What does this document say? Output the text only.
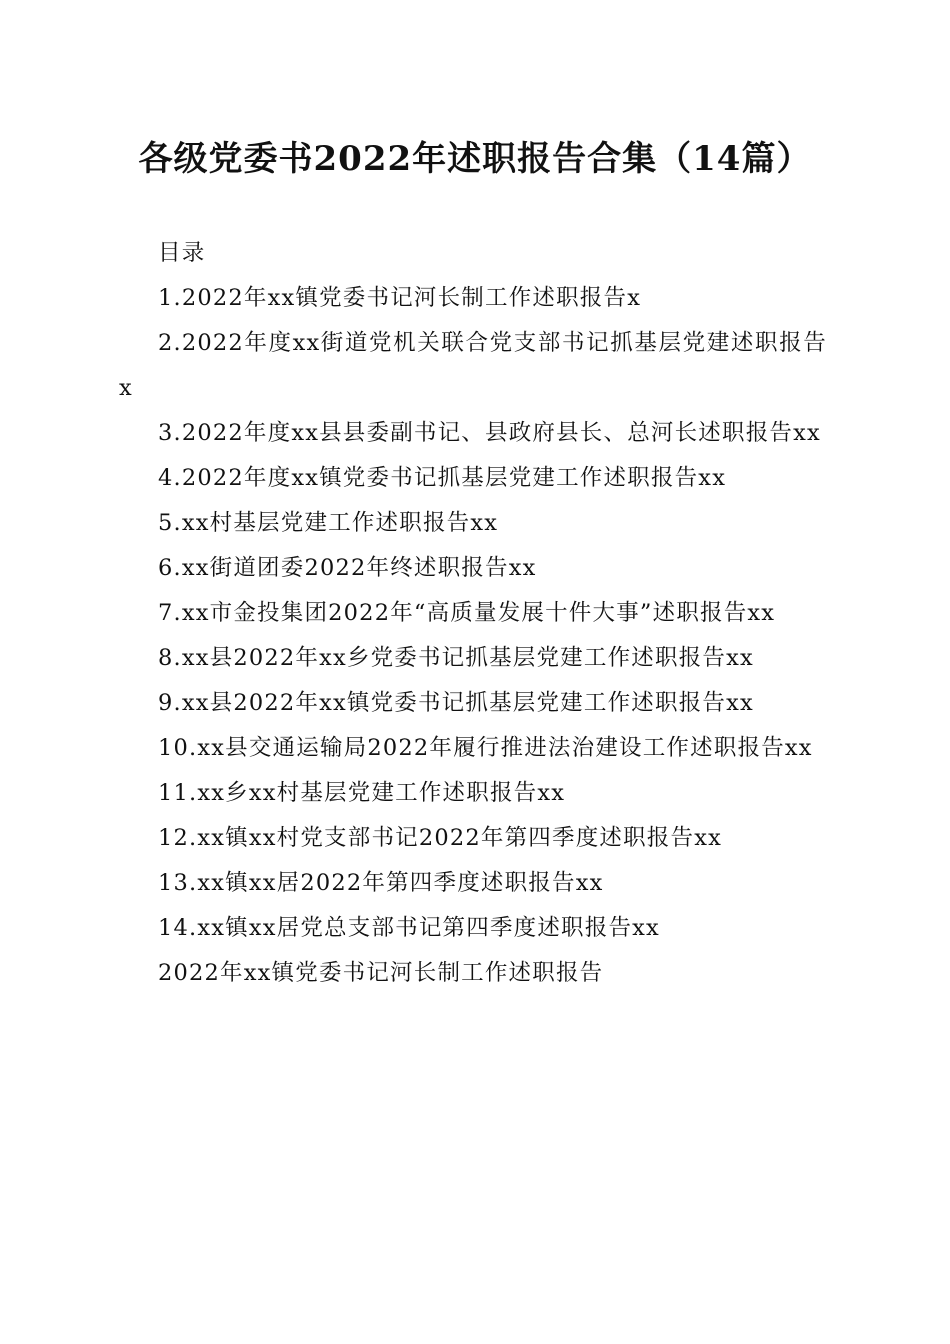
各级党委书2022年述职报告合集（14篇）

目录

1.2022年xx镇党委书记河长制工作述职报告x

2.2022年度xx街道党机关联合党支部书记抓基层党建述职报告x

3.2022年度xx县县委副书记、县政府县长、总河长述职报告xx

4.2022年度xx镇党委书记抓基层党建工作述职报告xx

5.xx村基层党建工作述职报告xx

6.xx街道团委2022年终述职报告xx

7.xx市金投集团2022年“高质量发展十件大事”述职报告xx

8.xx县2022年xx乡党委书记抓基层党建工作述职报告xx

9.xx县2022年xx镇党委书记抓基层党建工作述职报告xx

10.xx县交通运输局2022年履行推进法治建设工作述职报告xx

11.xx乡xx村基层党建工作述职报告xx

12.xx镇xx村党支部书记2022年第四季度述职报告xx

13.xx镇xx居2022年第四季度述职报告xx

14.xx镇xx居党总支部书记第四季度述职报告xx

2022年xx镇党委书记河长制工作述职报告
